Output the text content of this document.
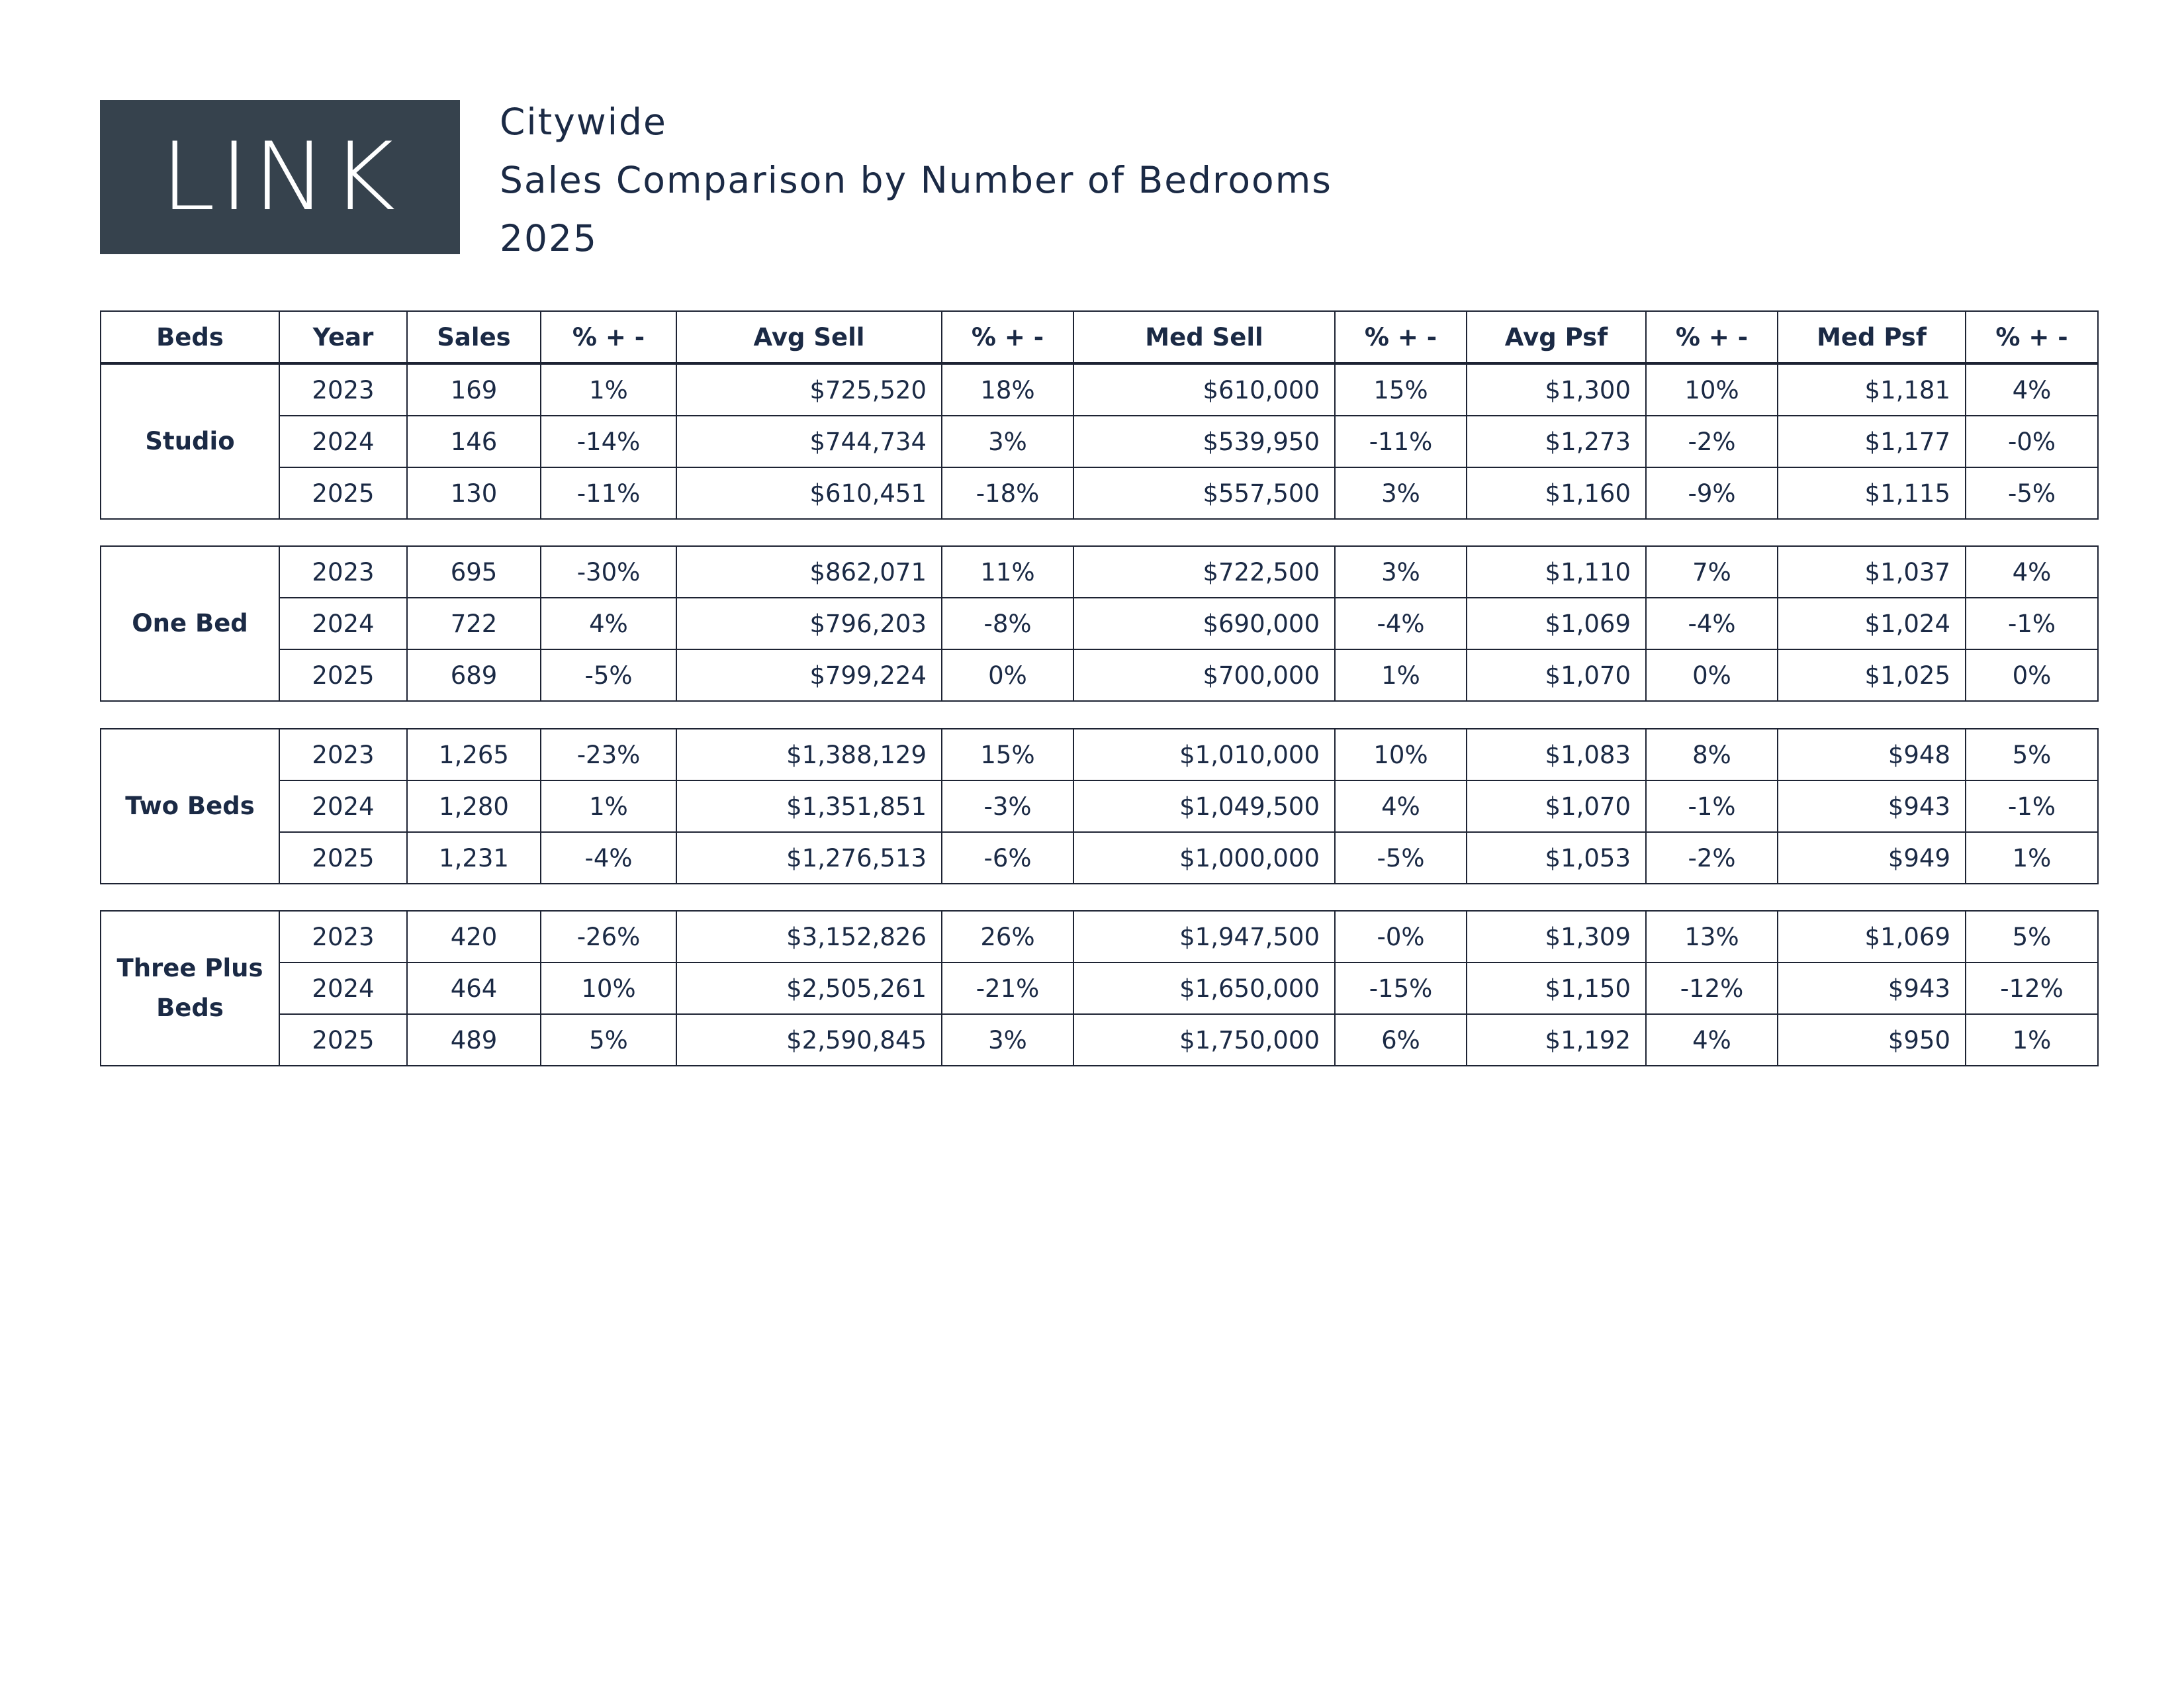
LINK
Citywide
Sales Comparison by Number of Bedrooms
2025
Beds	Year	Sales	% + -	Avg Sell	% + -	Med Sell	% + -	Avg Psf	% + -	Med Psf	% + -
Studio	2023	169	1%	$725,520	18%	$610,000	15%	$1,300	10%	$1,181	4%
	2024	146	-14%	$744,734	3%	$539,950	-11%	$1,273	-2%	$1,177	-0%
	2025	130	-11%	$610,451	-18%	$557,500	3%	$1,160	-9%	$1,115	-5%
One Bed	2023	695	-30%	$862,071	11%	$722,500	3%	$1,110	7%	$1,037	4%
	2024	722	4%	$796,203	-8%	$690,000	-4%	$1,069	-4%	$1,024	-1%
	2025	689	-5%	$799,224	0%	$700,000	1%	$1,070	0%	$1,025	0%
Two Beds	2023	1,265	-23%	$1,388,129	15%	$1,010,000	10%	$1,083	8%	$948	5%
	2024	1,280	1%	$1,351,851	-3%	$1,049,500	4%	$1,070	-1%	$943	-1%
	2025	1,231	-4%	$1,276,513	-6%	$1,000,000	-5%	$1,053	-2%	$949	1%
Three Plus Beds	2023	420	-26%	$3,152,826	26%	$1,947,500	-0%	$1,309	13%	$1,069	5%
	2024	464	10%	$2,505,261	-21%	$1,650,000	-15%	$1,150	-12%	$943	-12%
	2025	489	5%	$2,590,845	3%	$1,750,000	6%	$1,192	4%	$950	1%
